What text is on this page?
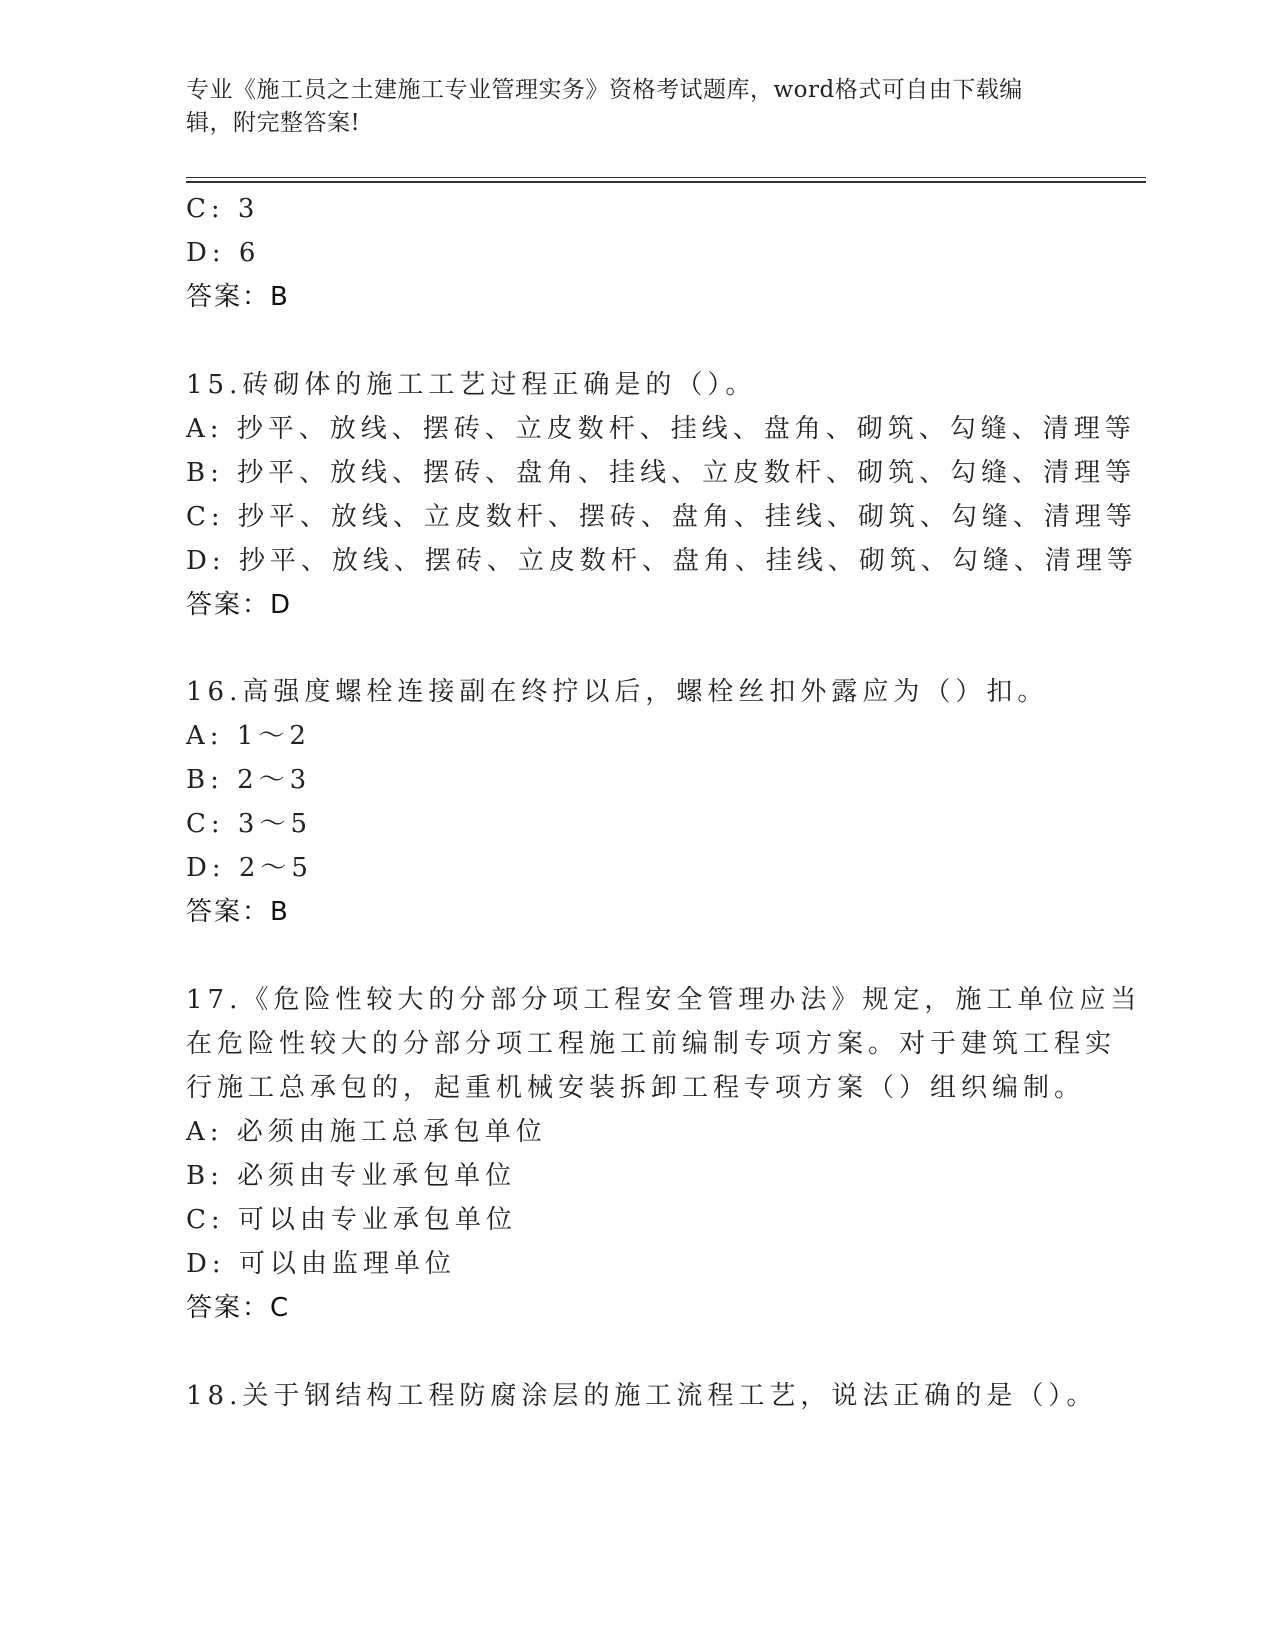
专业《施工员之土建施工专业管理实务》资格考试题库，word格式可自由下载编
辑，附完整答案!
C: 3
D: 6
答案：B
15.砖砌体的施工工艺过程正确是的（）。
A: 抄平、放线、摆砖、立皮数杆、挂线、盘角、砌筑、勾缝、清理等
B: 抄平、放线、摆砖、盘角、挂线、立皮数杆、砌筑、勾缝、清理等
C: 抄平、放线、立皮数杆、摆砖、盘角、挂线、砌筑、勾缝、清理等
D: 抄平、放线、摆砖、立皮数杆、盘角、挂线、砌筑、勾缝、清理等
答案：D
16.高强度螺栓连接副在终拧以后，螺栓丝扣外露应为（）扣。
A: 1～2
B: 2～3
C: 3～5
D: 2～5
答案：B
17.《危险性较大的分部分项工程安全管理办法》规定，施工单位应当
在危险性较大的分部分项工程施工前编制专项方案。对于建筑工程实
行施工总承包的，起重机械安装拆卸工程专项方案（）组织编制。
A: 必须由施工总承包单位
B: 必须由专业承包单位
C: 可以由专业承包单位
D: 可以由监理单位
答案：C
18.关于钢结构工程防腐涂层的施工流程工艺，说法正确的是（）。
